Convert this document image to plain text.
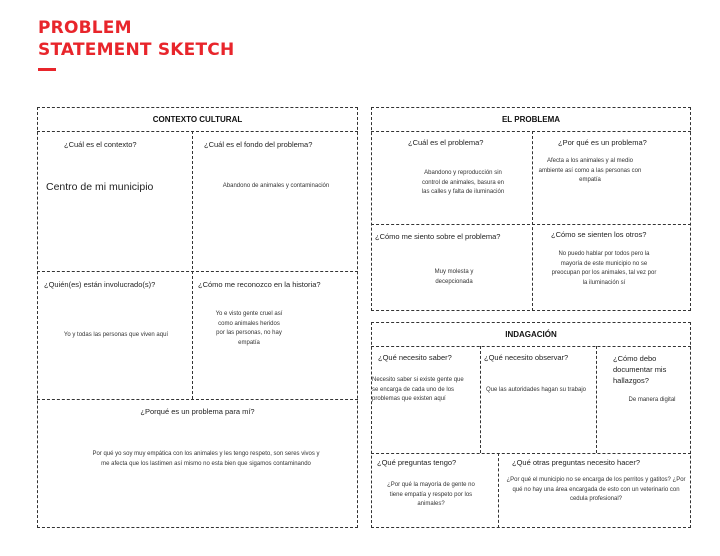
PROBLEM
STATEMENT SKETCH
CONTEXTO CULTURAL
¿Cuál es el contexto?
Centro de mi municipio
¿Cuál es el fondo del problema?
Abandono de animales y contaminación
¿Quién(es) están involucrado(s)?
Yo y todas las personas que viven aquí
¿Cómo me reconozco en la historia?
Yo e visto gente cruel así como animales heridos por las personas, no hay empatía
¿Porqué es un problema para mí?
Por qué yo soy muy empática con los animales y les tengo respeto, son seres vivos y me afecta que los lastimen así mismo no esta bien que sigamos contaminando
EL PROBLEMA
¿Cuál es el problema?
Abandono y reproducción sin control de animales, basura en las calles y falta de iluminación
¿Por qué es un problema?
Afecta a los animales y al medio ambiente así como a las personas con empatía
¿Cómo me siento sobre el problema?
Muy molesta y decepcionada
¿Cómo se sienten los otros?
No puedo hablar por todos pero la mayoría de este municipio no se preocupan por los animales, tal vez por la iluminación sí
INDAGACIÓN
¿Qué necesito saber?
Necesito saber si existe gente que se encarga de cada uno de los problemas que existen aquí
¿Qué necesito observar?
Que las autoridades hagan su trabajo
¿Cómo debo documentar mis hallazgos?
De manera digital
¿Qué preguntas tengo?
¿Por qué la mayoría de gente no tiene empatía y respeto por los animales?
¿Qué otras preguntas necesito hacer?
¿Por qué el municipio no se encarga de los perritos y gatitos? ¿Por qué no hay una área encargada de esto con un veterinario con cedula profesional?
